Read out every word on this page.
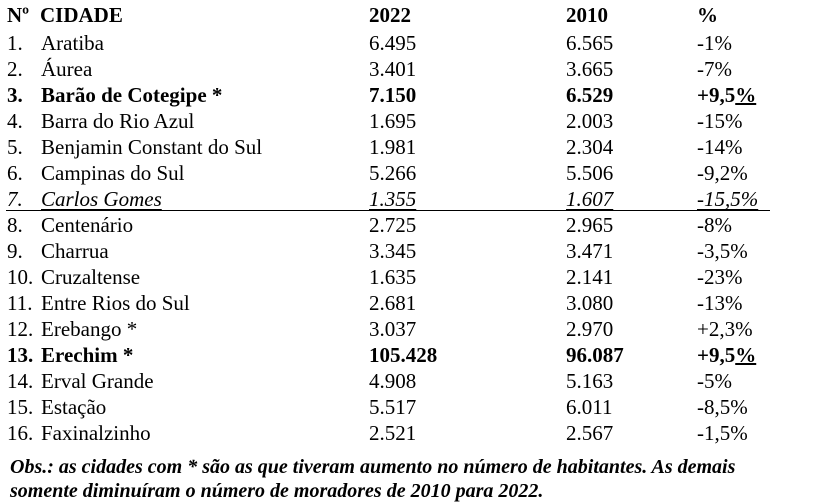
Nº CIDADE	2022	2010	%
1. Aratiba	6.495	6.565	-1%
2. Áurea	3.401	3.665	-7%
3. Barão de Cotegipe *	7.150	6.529	+9,5%
4. Barra do Rio Azul	1.695	2.003	-15%
5. Benjamin Constant do Sul	1.981	2.304	-14%
6. Campinas do Sul	5.266	5.506	-9,2%
7. Carlos Gomes	1.355	1.607	-15,5%
8. Centenário	2.725	2.965	-8%
9. Charrua	3.345	3.471	-3,5%
10. Cruzaltense	1.635	2.141	-23%
11. Entre Rios do Sul	2.681	3.080	-13%
12. Erebango *	3.037	2.970	+2,3%
13. Erechim *	105.428	96.087	+9,5%
14. Erval Grande	4.908	5.163	-5%
15. Estação	5.517	6.011	-8,5%
16. Faxinalzinho	2.521	2.567	-1,5%
Obs.: as cidades com * são as que tiveram aumento no número de habitantes. As demais
somente diminuíram o número de moradores de 2010 para 2022.
